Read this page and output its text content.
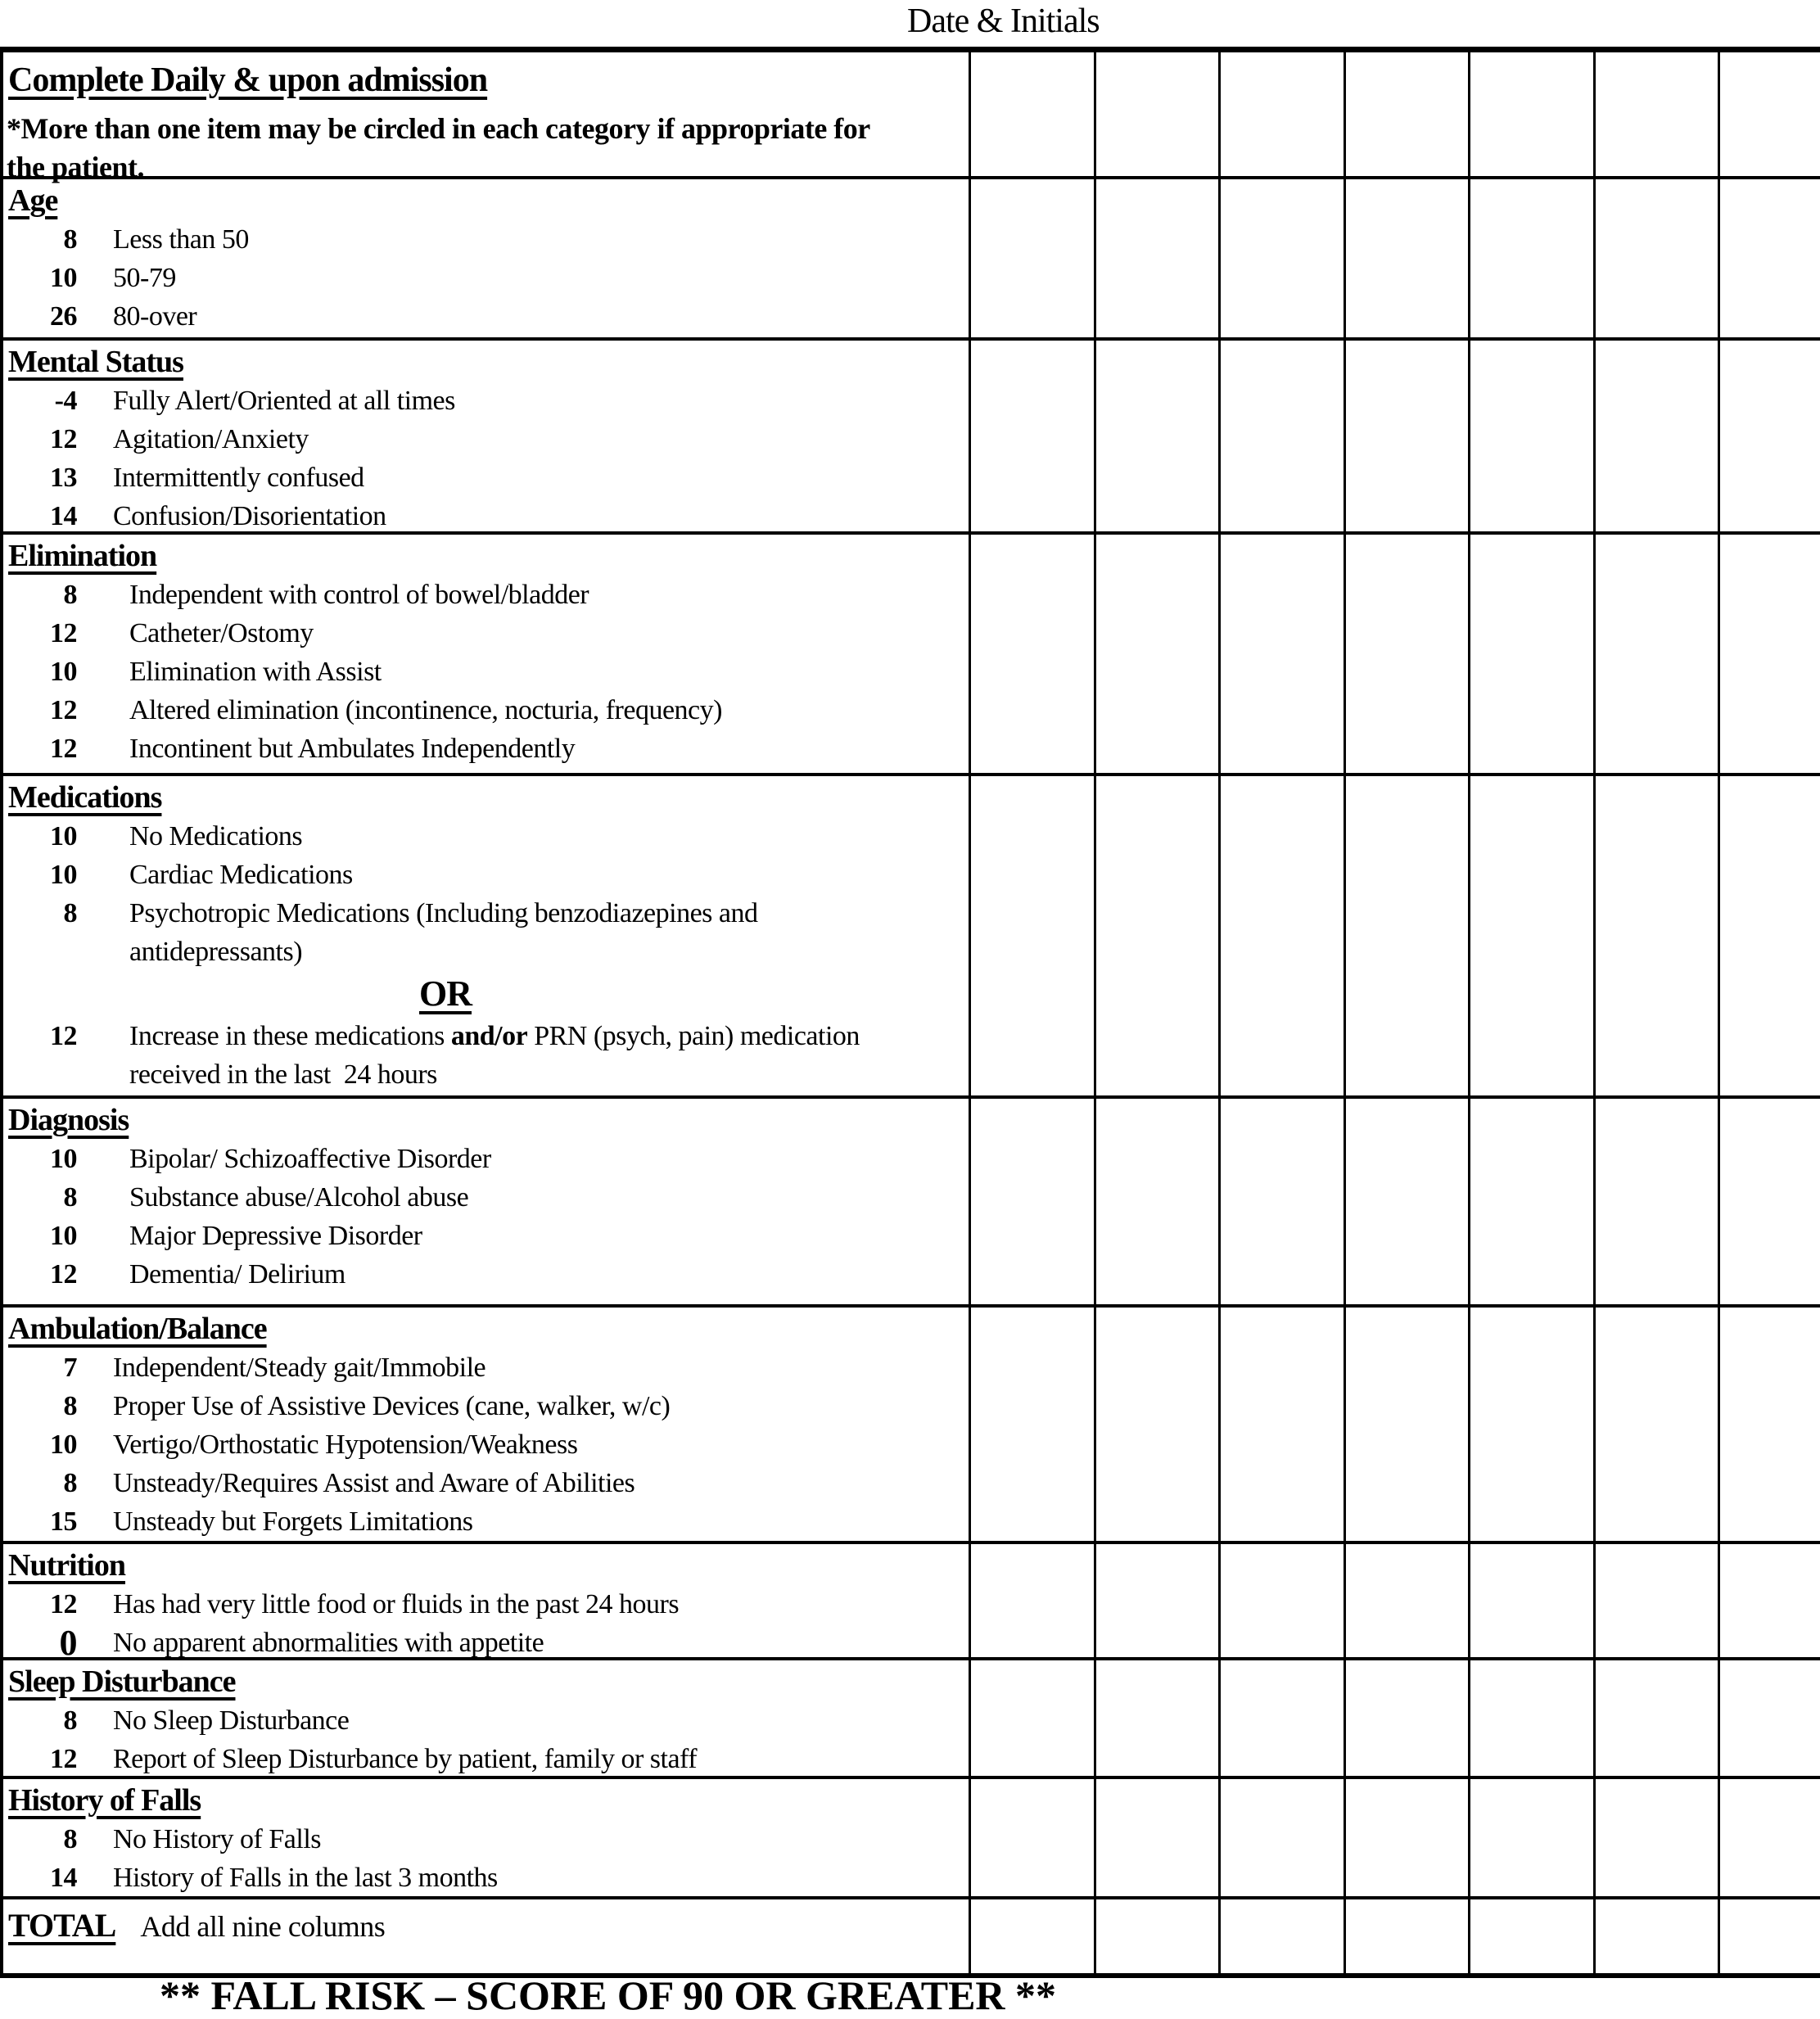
Date & Initials
Complete Daily & upon admission
*More than one item may be circled in each category if appropriate for the patient.
Age
8 Less than 50
10 50-79
26 80-over
Mental Status
-4 Fully Alert/Oriented at all times
12 Agitation/Anxiety
13 Intermittently confused
14 Confusion/Disorientation
Elimination
8 Independent with control of bowel/bladder
12 Catheter/Ostomy
10 Elimination with Assist
12 Altered elimination (incontinence, nocturia, frequency)
12 Incontinent but Ambulates Independently
Medications
10 No Medications
10 Cardiac Medications
8 Psychotropic Medications (Including benzodiazepines and antidepressants)
OR
12 Increase in these medications and/or PRN (psych, pain) medication received in the last  24 hours
Diagnosis
10 Bipolar/ Schizoaffective Disorder
8 Substance abuse/Alcohol abuse
10 Major Depressive Disorder
12 Dementia/ Delirium
Ambulation/Balance
7 Independent/Steady gait/Immobile
8 Proper Use of Assistive Devices (cane, walker, w/c)
10 Vertigo/Orthostatic Hypotension/Weakness
8 Unsteady/Requires Assist and Aware of Abilities
15 Unsteady but Forgets Limitations
Nutrition
12 Has had very little food or fluids in the past 24 hours
0 No apparent abnormalities with appetite
Sleep Disturbance
8 No Sleep Disturbance
12 Report of Sleep Disturbance by patient, family or staff
History of Falls
8 No History of Falls
14 History of Falls in the last 3 months
TOTAL Add all nine columns
** FALL RISK – SCORE OF 90 OR GREATER **
